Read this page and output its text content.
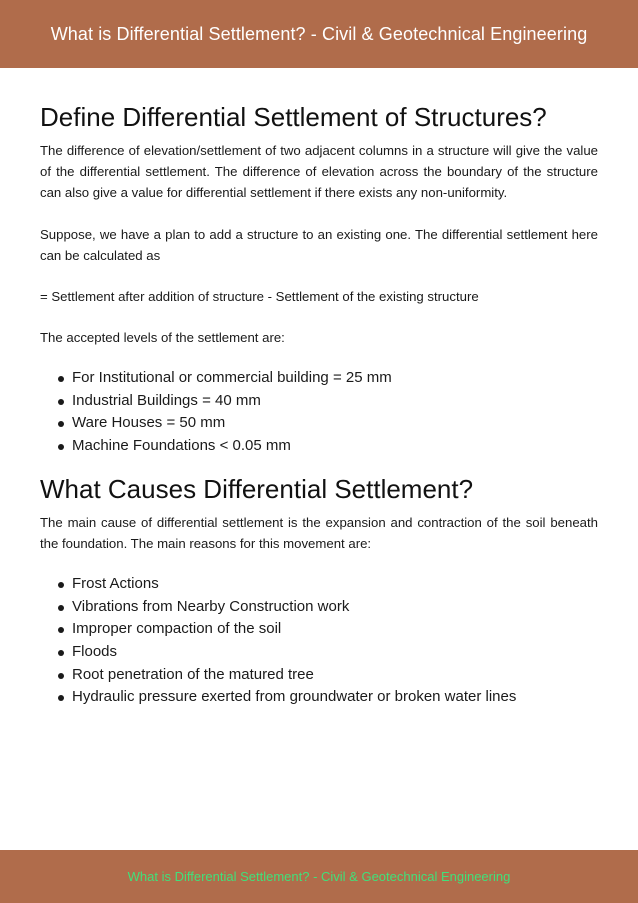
What is Differential Settlement? - Civil & Geotechnical Engineering
Define Differential Settlement of Structures?

The difference of elevation/settlement of two adjacent columns in a structure will give the value of the differential settlement. The difference of elevation across the boundary of the structure can also give a value for differential settlement if there exists any non-uniformity.

Suppose, we have a plan to add a structure to an existing one. The differential settlement here can be calculated as

= Settlement after addition of structure - Settlement of the existing structure

The accepted levels of the settlement are:

For Institutional or commercial building = 25 mm
Industrial Buildings = 40 mm
Ware Houses = 50 mm
Machine Foundations < 0.05 mm
What Causes Differential Settlement?

The main cause of differential settlement is the expansion and contraction of the soil beneath the foundation. The main reasons for this movement are:

Frost Actions
Vibrations from Nearby Construction work
Improper compaction of the soil
Floods
Root penetration of the matured tree
Hydraulic pressure exerted from groundwater or broken water lines
What is Differential Settlement? - Civil & Geotechnical Engineering
